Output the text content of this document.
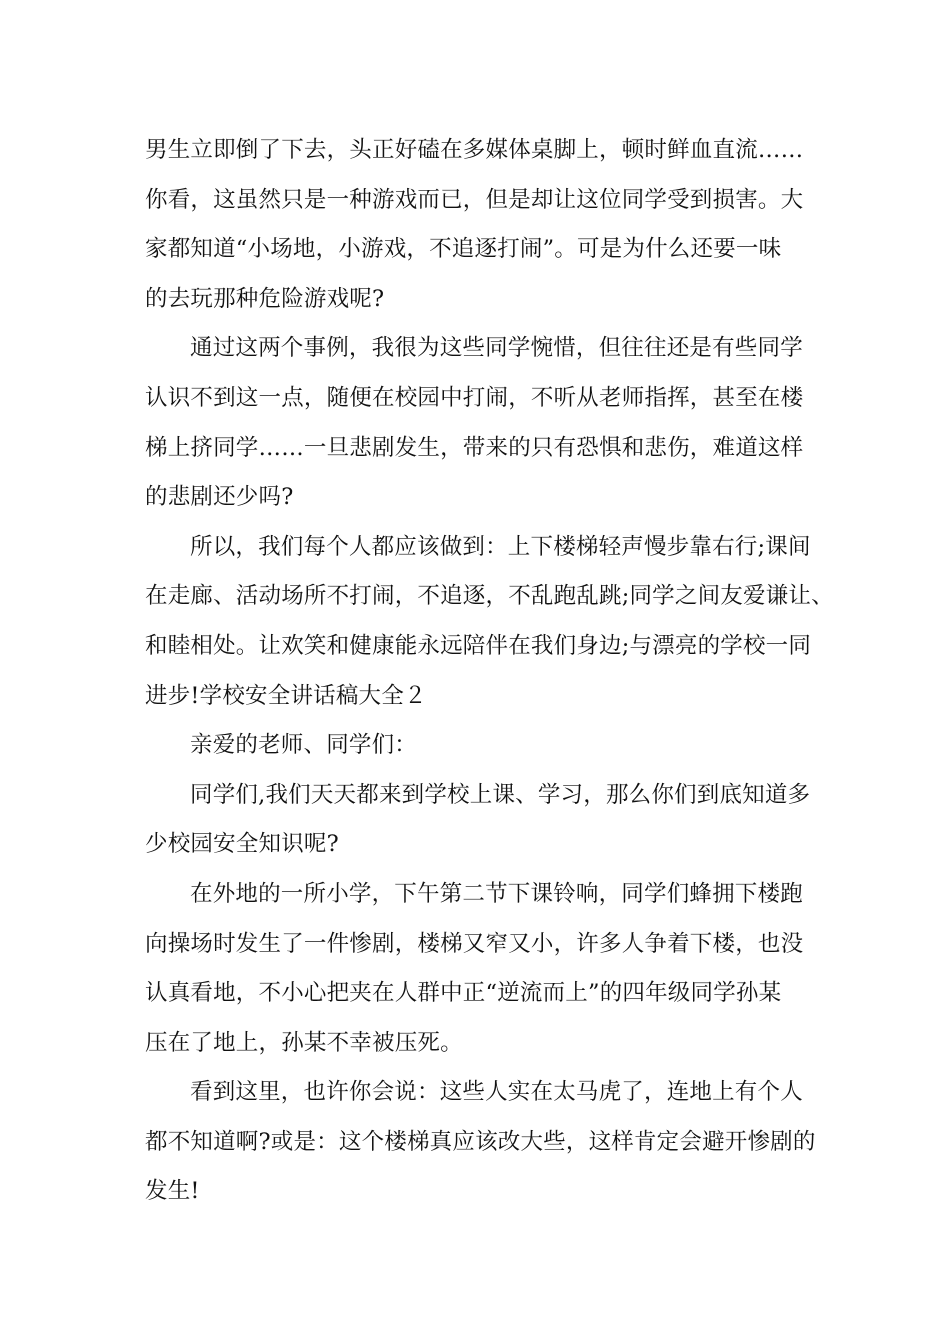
男生立即倒了下去，头正好磕在多媒体桌脚上，顿时鲜血直流……

你看，这虽然只是一种游戏而已，但是却让这位同学受到损害。大
家都知道“小场地，小游戏，不追逐打闹”。可是为什么还要一味
的去玩那种危险游戏呢?

通过这两个事例，我很为这些同学惋惜，但往往还是有些同学
认识不到这一点，随便在校园中打闹，不听从老师指挥，甚至在楼
梯上挤同学……一旦悲剧发生，带来的只有恐惧和悲伤，难道这样
的悲剧还少吗?

所以，我们每个人都应该做到：上下楼梯轻声慢步靠右行;课间
在走廊、活动场所不打闹，不追逐，不乱跑乱跳;同学之间友爱谦让、
和睦相处。让欢笑和健康能永远陪伴在我们身边;与漂亮的学校一同
进步!学校安全讲话稿大全２

亲爱的老师、同学们：

同学们,我们天天都来到学校上课、学习，那么你们到底知道多
少校园安全知识呢?

在外地的一所小学，下午第二节下课铃响，同学们蜂拥下楼跑
向操场时发生了一件惨剧，楼梯又窄又小，许多人争着下楼，也没
认真看地，不小心把夹在人群中正“逆流而上”的四年级同学孙某
压在了地上，孙某不幸被压死。

看到这里，也许你会说：这些人实在太马虎了，连地上有个人
都不知道啊?或是：这个楼梯真应该改大些，这样肯定会避开惨剧的
发生!
